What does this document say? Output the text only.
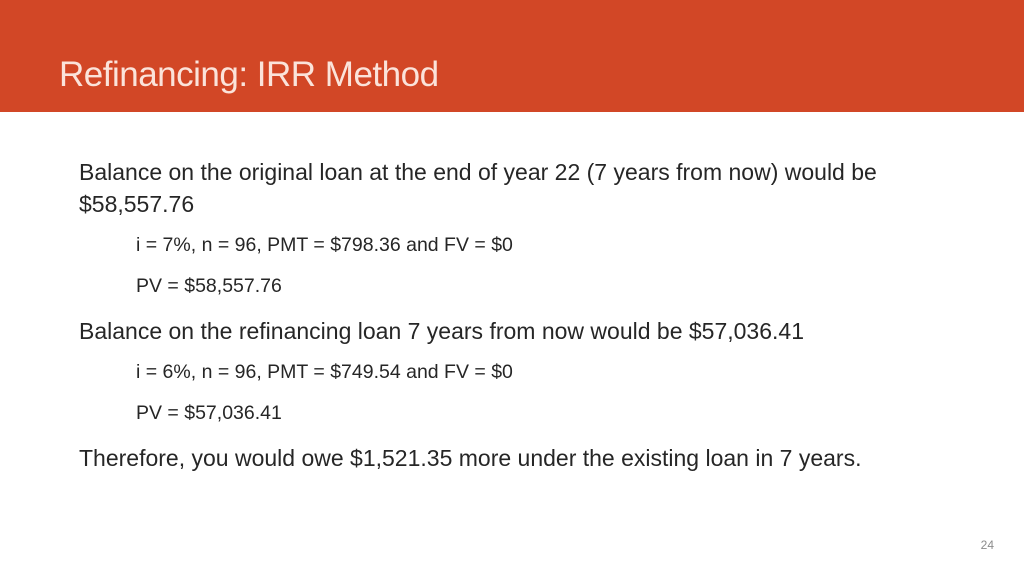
Refinancing: IRR Method

Balance on the original loan at the end of year 22 (7 years from now) would be $58,557.76

i = 7%, n = 96, PMT = $798.36 and FV = $0

PV = $58,557.76

Balance on the refinancing loan 7 years from now would be $57,036.41

i = 6%, n = 96, PMT = $749.54 and FV = $0

PV = $57,036.41

Therefore, you would owe $1,521.35 more under the existing loan in 7 years.

24
